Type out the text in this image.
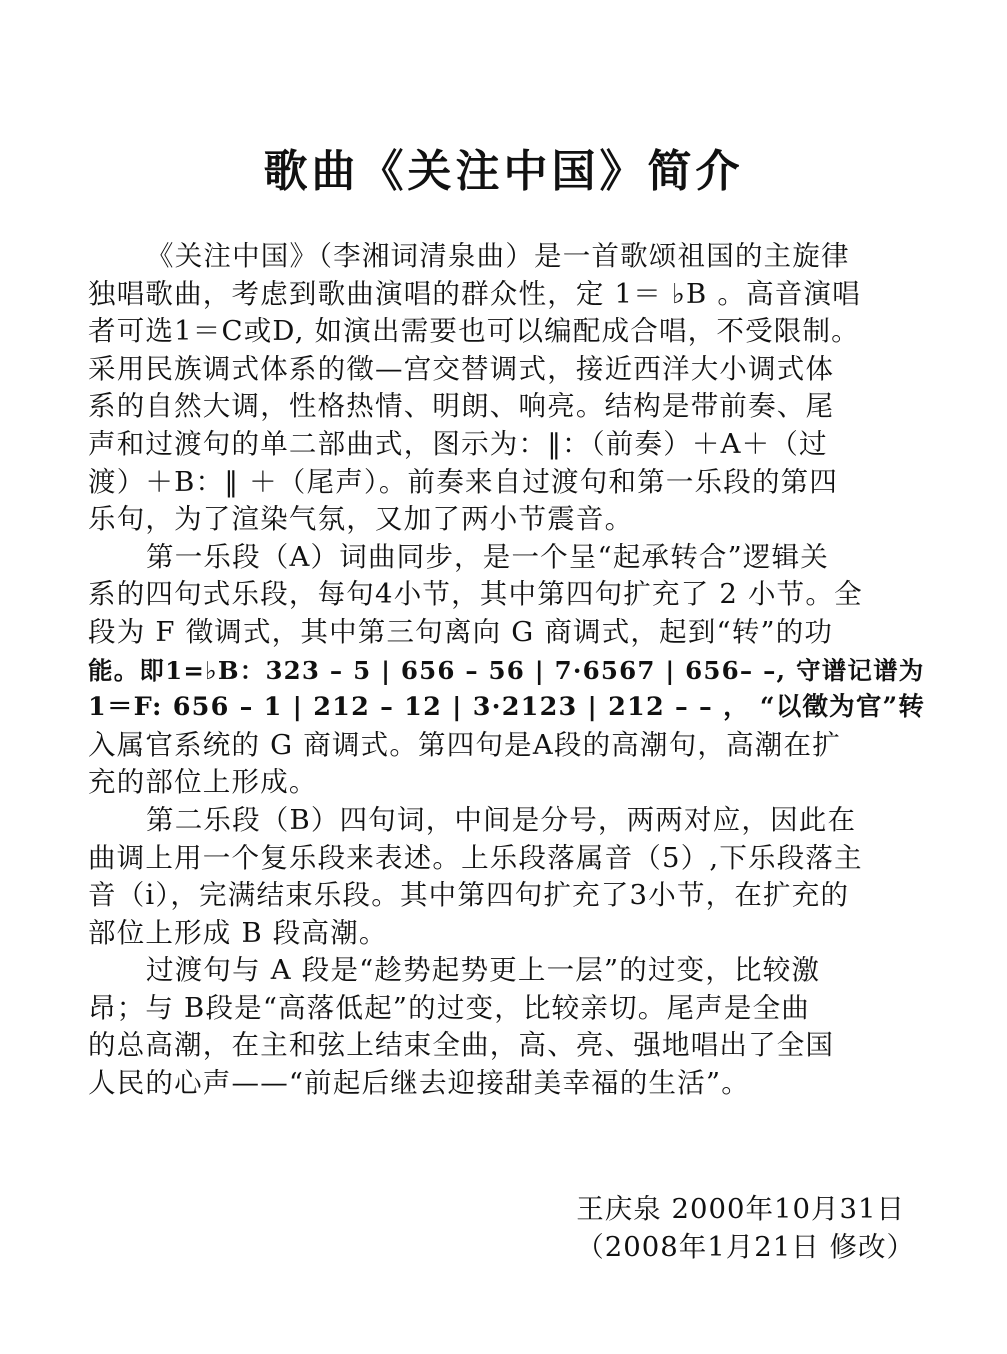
歌曲《关注中国》简介
《关注中国》（李湘词清泉曲）是一首歌颂祖国的主旋律
独唱歌曲，考虑到歌曲演唱的群众性，定 1＝ ♭B 。高音演唱
者可选1＝C或D, 如演出需要也可以编配成合唱，不受限制。
采用民族调式体系的徵—宫交替调式，接近西洋大小调式体
系的自然大调，性格热情、明朗、响亮。结构是带前奏、尾
声和过渡句的单二部曲式，图示为：‖：（前奏）＋A＋（过
渡）＋B：‖ ＋（尾声）。前奏来自过渡句和第一乐段的第四
乐句，为了渲染气氛，又加了两小节震音。
第一乐段（A）词曲同步，是一个呈“起承转合”逻辑关
系的四句式乐段，每句4小节，其中第四句扩充了 2 小节。全
段为 F 徵调式，其中第三句离向 G 商调式，起到“转”的功
能。即1=♭B：323 – 5 | 656 – 56 | 7·6567 | 656– –, 守谱记谱为
1＝F: 656 – 1 | 212 – 12 | 3·2123 | 212 – – ， “以徵为官”转
入属官系统的 G 商调式。第四句是A段的高潮句，高潮在扩
充的部位上形成。
第二乐段（B）四句词，中间是分号，两两对应，因此在
曲调上用一个复乐段来表述。上乐段落属音（5）,下乐段落主
音（i̇），完满结束乐段。其中第四句扩充了3小节，在扩充的
部位上形成 B 段高潮。
过渡句与 A 段是“趁势起势更上一层”的过变，比较激
昂；与 B段是“高落低起”的过变，比较亲切。尾声是全曲
的总高潮，在主和弦上结束全曲，高、亮、强地唱出了全国
人民的心声——“前起后继去迎接甜美幸福的生活”。
王庆泉 2000年10月31日
（2008年1月21日 修改）
